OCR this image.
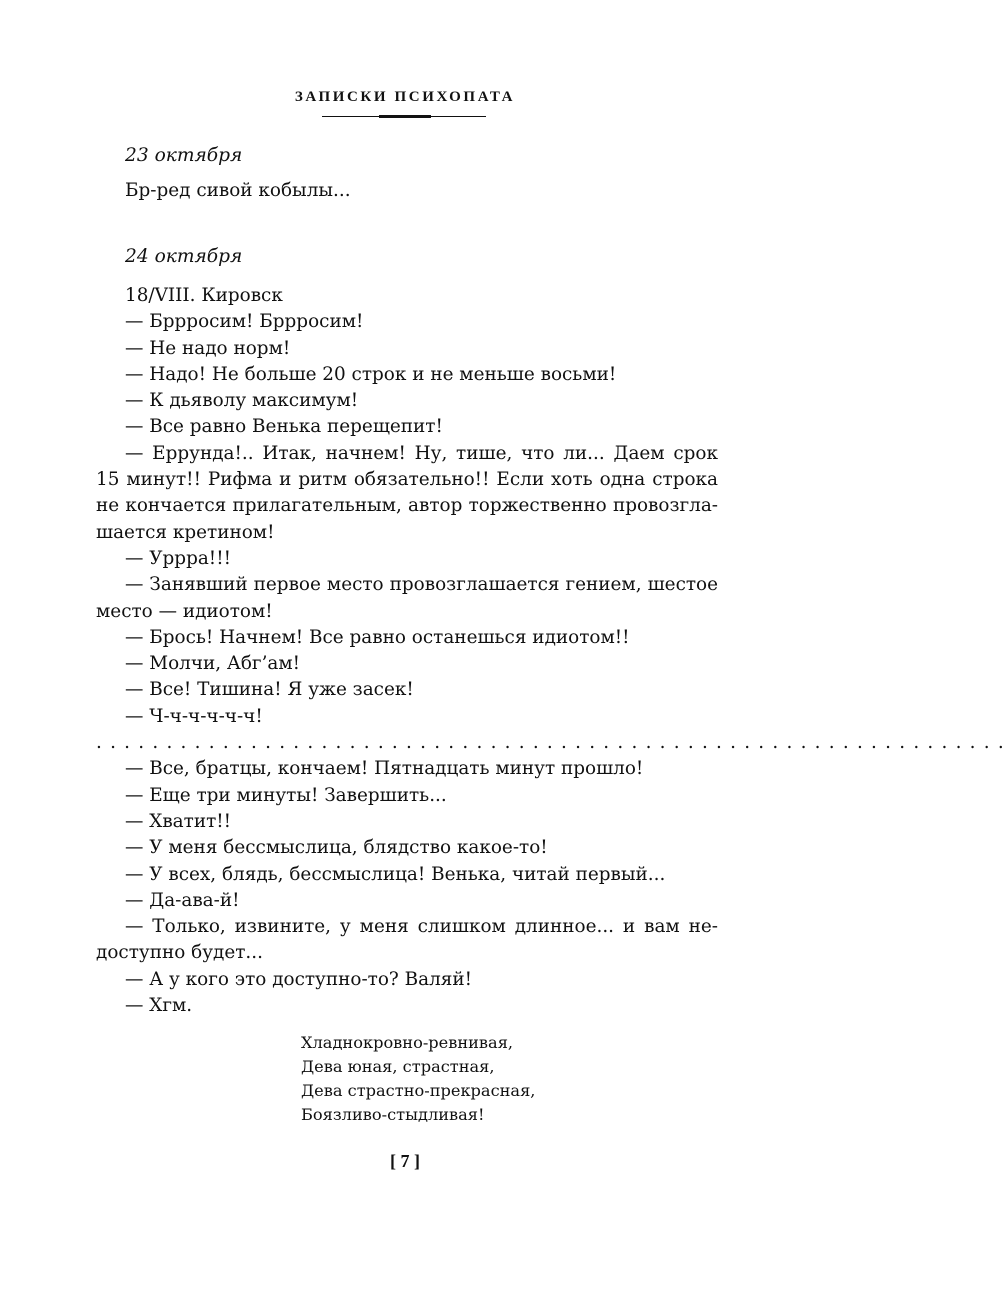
ЗАПИСКИ ПСИХОПАТА
23 октября
Бр-ред сивой кобылы...
24 октября
18/VIII. Кировск
— Бррросим! Бррросим!
— Не надо норм!
— Надо! Не больше 20 строк и не меньше восьми!
— К дьяволу максимум!
— Все равно Венька перещепит!
— Еррунда!.. Итак, начнем! Ну, тише, что ли... Даем срок
15 минут!! Рифма и ритм обязательно!! Если хоть одна строка
не кончается прилагательным, автор торжественно провозгла-
шается кретином!
— Уррра!!!
— Занявший первое место провозглашается гением, шестое
место — идиотом!
— Брось! Начнем! Все равно останешься идиотом!!
— Молчи, Абг’ам!
— Все! Тишина! Я уже засек!
— Ч-ч-ч-ч-ч-ч!
. . . . . . . . . . . . . . . . . . . . . . . . . . . . . . . . . . . . . . . . . . . . . . . . . . . . . . . . . . . . . . . . .
— Все, братцы, кончаем! Пятнадцать минут прошло!
— Еще три минуты! Завершить...
— Хватит!!
— У меня бессмыслица, блядство какое-то!
— У всех, блядь, бессмыслица! Венька, читай первый...
— Да-ава-й!
— Только, извините, у меня слишком длинное... и вам не-
доступно будет...
— А у кого это доступно-то? Валяй!
— Хгм.
Хладнокровно-ревнивая,
Дева юная, страстная,
Дева страстно-прекрасная,
Боязливо-стыдливая!
[ 7 ]
